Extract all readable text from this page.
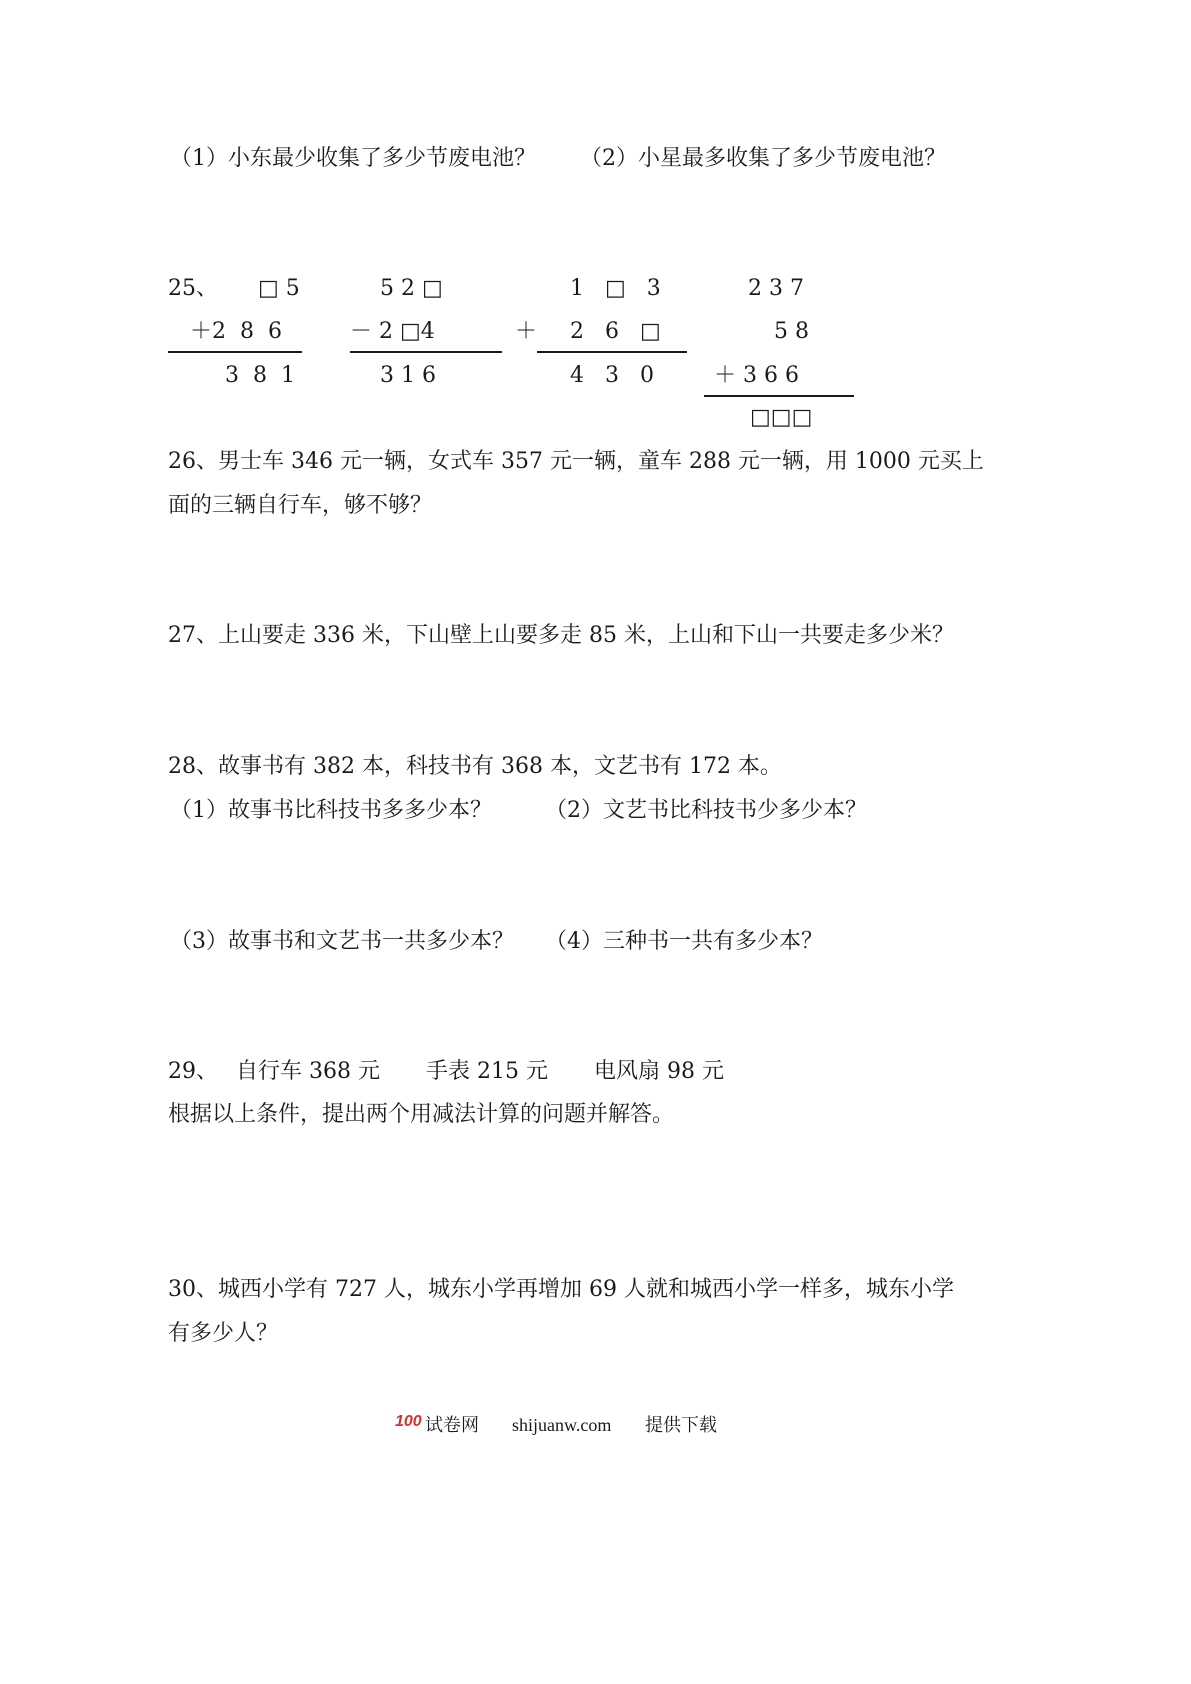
（1）小东最少收集了多少节废电池？ （2）小星最多收集了多少节废电池？
25、 □ 5
＋2  8  6
3  8  1
5 2 □
－ 2 □4
3 1 6
＋
1   □   3
2   6   □
4   3   0
2 3 7
5 8
＋ 3 6 6
□□□
26、男士车 346 元一辆，女式车 357 元一辆，童车 288 元一辆，用 1000 元买上
面的三辆自行车，够不够？
27、上山要走 336 米，下山壁上山要多走 85 米，上山和下山一共要走多少米？
28、故事书有 382 本，科技书有 368 本，文艺书有 172 本。
（1）故事书比科技书多多少本？ （2）文艺书比科技书少多少本？
（3）故事书和文艺书一共多少本？ （4）三种书一共有多少本？
29、 自行车 368 元 手表 215 元 电风扇 98 元
根据以上条件，提出两个用减法计算的问题并解答。
30、城西小学有 727 人，城东小学再增加 69 人就和城西小学一样多，城东小学
有多少人？
100 试卷网 shijuanw.com 提供下载
